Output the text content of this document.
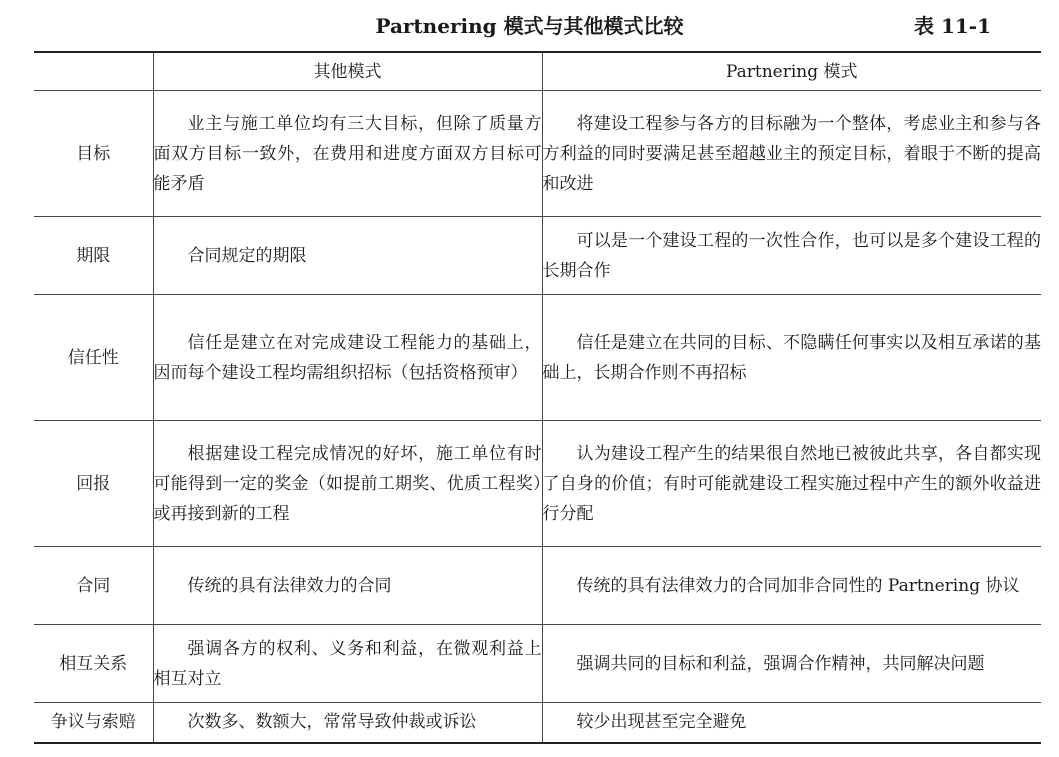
Partnering 模式与其他模式比较	表 11-1
	其他模式	Partnering 模式
目标	业主与施工单位均有三大目标，但除了质量方面双方目标一致外，在费用和进度方面双方目标可能矛盾	将建设工程参与各方的目标融为一个整体，考虑业主和参与各方利益的同时要满足甚至超越业主的预定目标，着眼于不断的提高和改进
期限	合同规定的期限	可以是一个建设工程的一次性合作，也可以是多个建设工程的长期合作
信任性	信任是建立在对完成建设工程能力的基础上，因而每个建设工程均需组织招标（包括资格预审）	信任是建立在共同的目标、不隐瞒任何事实以及相互承诺的基础上，长期合作则不再招标
回报	根据建设工程完成情况的好坏，施工单位有时可能得到一定的奖金（如提前工期奖、优质工程奖）或再接到新的工程	认为建设工程产生的结果很自然地已被彼此共享，各自都实现了自身的价值；有时可能就建设工程实施过程中产生的额外收益进行分配
合同	传统的具有法律效力的合同	传统的具有法律效力的合同加非合同性的 Partnering 协议
相互关系	强调各方的权利、义务和利益，在微观利益上相互对立	强调共同的目标和利益，强调合作精神，共同解决问题
争议与索赔	次数多、数额大，常常导致仲裁或诉讼	较少出现甚至完全避免
